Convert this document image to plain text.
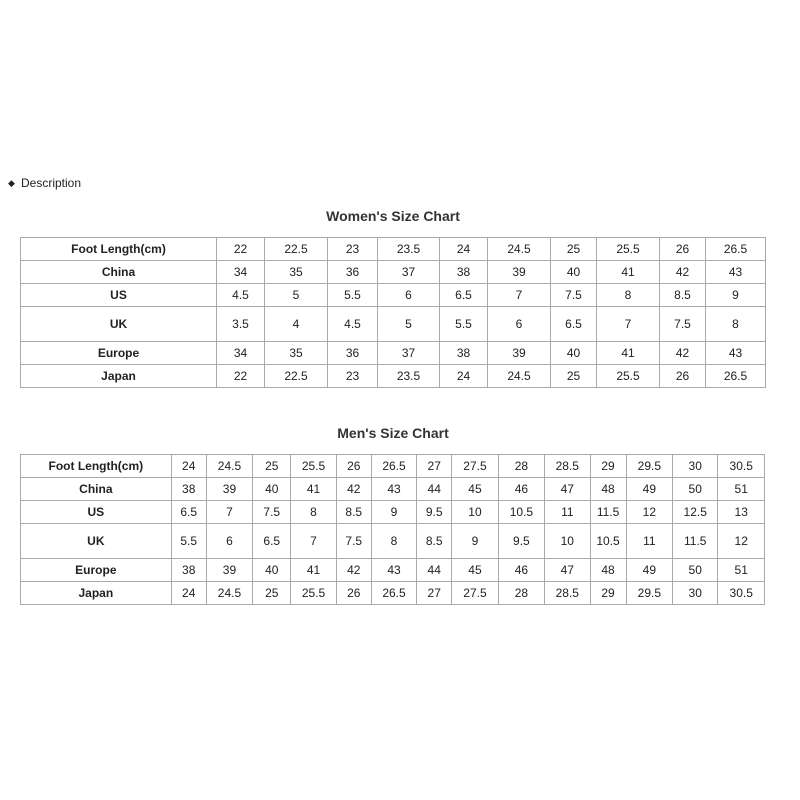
◆ Description
Women's Size Chart
Foot Length(cm)	22	22.5	23	23.5	24	24.5	25	25.5	26	26.5
China	34	35	36	37	38	39	40	41	42	43
US	4.5	5	5.5	6	6.5	7	7.5	8	8.5	9
UK	3.5	4	4.5	5	5.5	6	6.5	7	7.5	8
Europe	34	35	36	37	38	39	40	41	42	43
Japan	22	22.5	23	23.5	24	24.5	25	25.5	26	26.5
Men's Size Chart
Foot Length(cm)	24	24.5	25	25.5	26	26.5	27	27.5	28	28.5	29	29.5	30	30.5
China	38	39	40	41	42	43	44	45	46	47	48	49	50	51
US	6.5	7	7.5	8	8.5	9	9.5	10	10.5	11	11.5	12	12.5	13
UK	5.5	6	6.5	7	7.5	8	8.5	9	9.5	10	10.5	11	11.5	12
Europe	38	39	40	41	42	43	44	45	46	47	48	49	50	51
Japan	24	24.5	25	25.5	26	26.5	27	27.5	28	28.5	29	29.5	30	30.5
